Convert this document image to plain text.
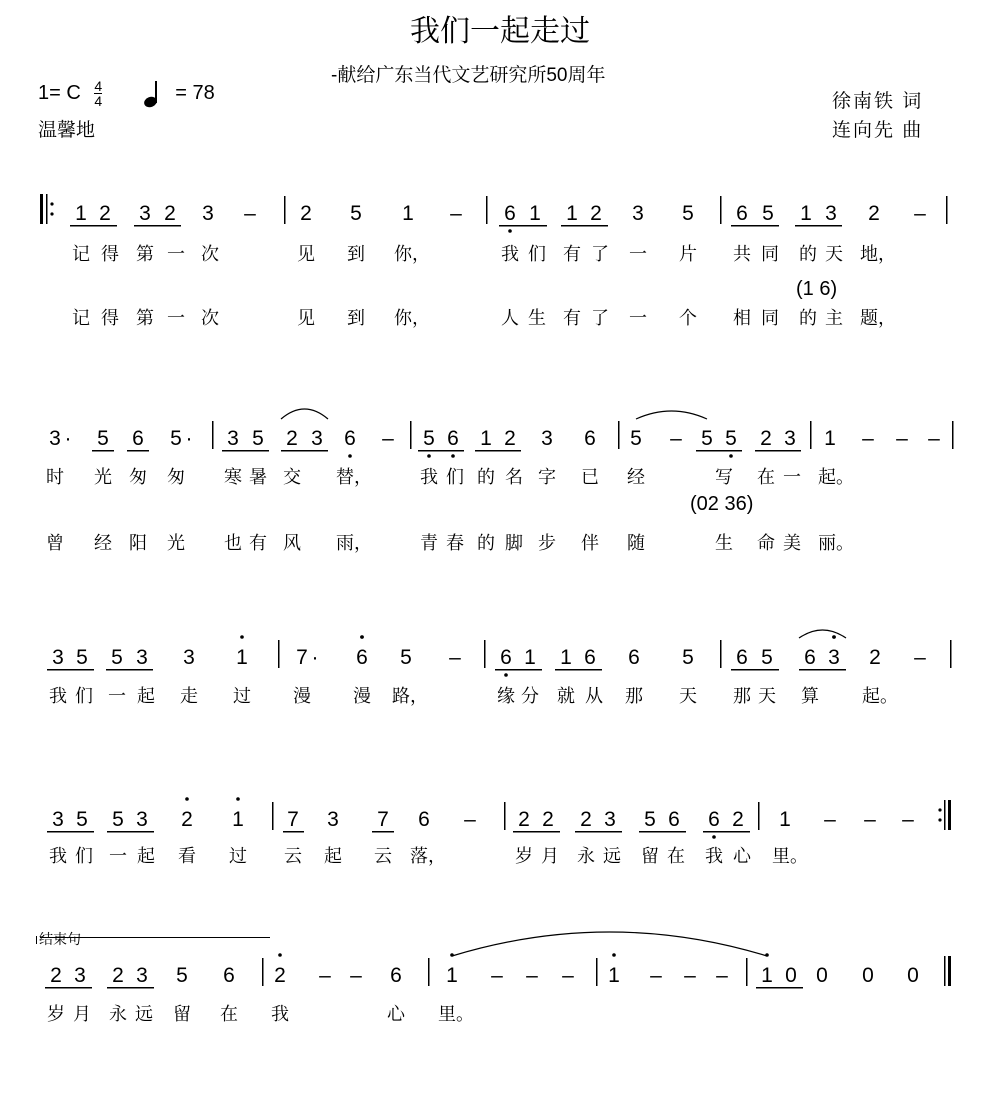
我们一起走过
-献给广东当代文艺研究所50周年
1= C $\frac{4}{4}$
	= 78
温馨地
徐南铁 词
连向先 曲
1 2 3 2 3 – 2 5 1 – 6 1 1 2 3 5 6 5 1 3 2 –
记 得 第 一 次	见 到 你，	我 们 有 了 一 片 共 同 的 天 地，
记 得 第 一 次	见 到 你，	人 生 有 了 一 个 相 同 的 主 题，
(1 6)
3 · 5 6 5 · 3 5 2 3 6 – 5 6 1 2 3 6 5 – 5 5 2 3 1 – – –
时 光 匆 匆 寒 暑 交 替，	我 们 的 名 字 已 经	写 在 一 起。
曾 经 阳 光 也 有 风 雨，	青 春 的 脚 步 伴 随	生 命 美 丽。
(02 36)
3 5 5 3 3 1 7 · 6 5 – 6 1 1 6 6 5 6 5 6 3 2 –
我 们 一 起 走 过 漫 漫 路，	缘 分 就 从 那 天 那 天 算 起。
3 5 5 3 2 1 7 3 7 6 – 2 2 2 3 5 6 6 2 1 – – –
我 们 一 起 看 过 云 起 云 落，	岁 月 永 远 留 在 我 心 里。
结束句
2 3 2 3 5 6 2 – – 6 1 – – – 1 – – – 1 0 0 0 0
岁 月 永 远 留 在 我	心 里。
